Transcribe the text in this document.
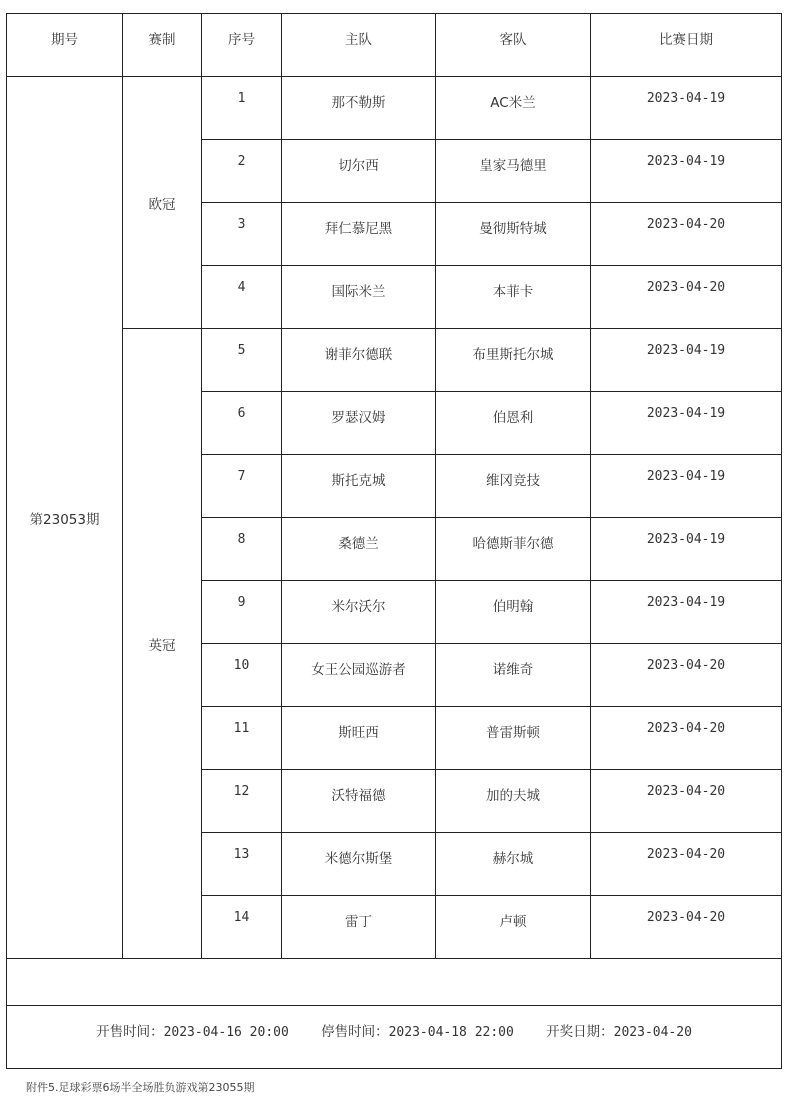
期号	赛制	序号	主队	客队	比赛日期
第23053期	欧冠	1	那不勒斯	AC米兰	2023-04-19
		2	切尔西	皇家马德里	2023-04-19
		3	拜仁慕尼黑	曼彻斯特城	2023-04-20
		4	国际米兰	本菲卡	2023-04-20
	英冠	5	谢菲尔德联	布里斯托尔城	2023-04-19
		6	罗瑟汉姆	伯恩利	2023-04-19
		7	斯托克城	维冈竞技	2023-04-19
		8	桑德兰	哈德斯菲尔德	2023-04-19
		9	米尔沃尔	伯明翰	2023-04-19
		10	女王公园巡游者	诺维奇	2023-04-20
		11	斯旺西	普雷斯顿	2023-04-20
		12	沃特福德	加的夫城	2023-04-20
		13	米德尔斯堡	赫尔城	2023-04-20
		14	雷丁	卢顿	2023-04-20

开售时间：2023-04-16 20:00 停售时间：2023-04-18 22:00 开奖日期：2023-04-20					
附件5.足球彩票6场半全场胜负游戏第23055期
